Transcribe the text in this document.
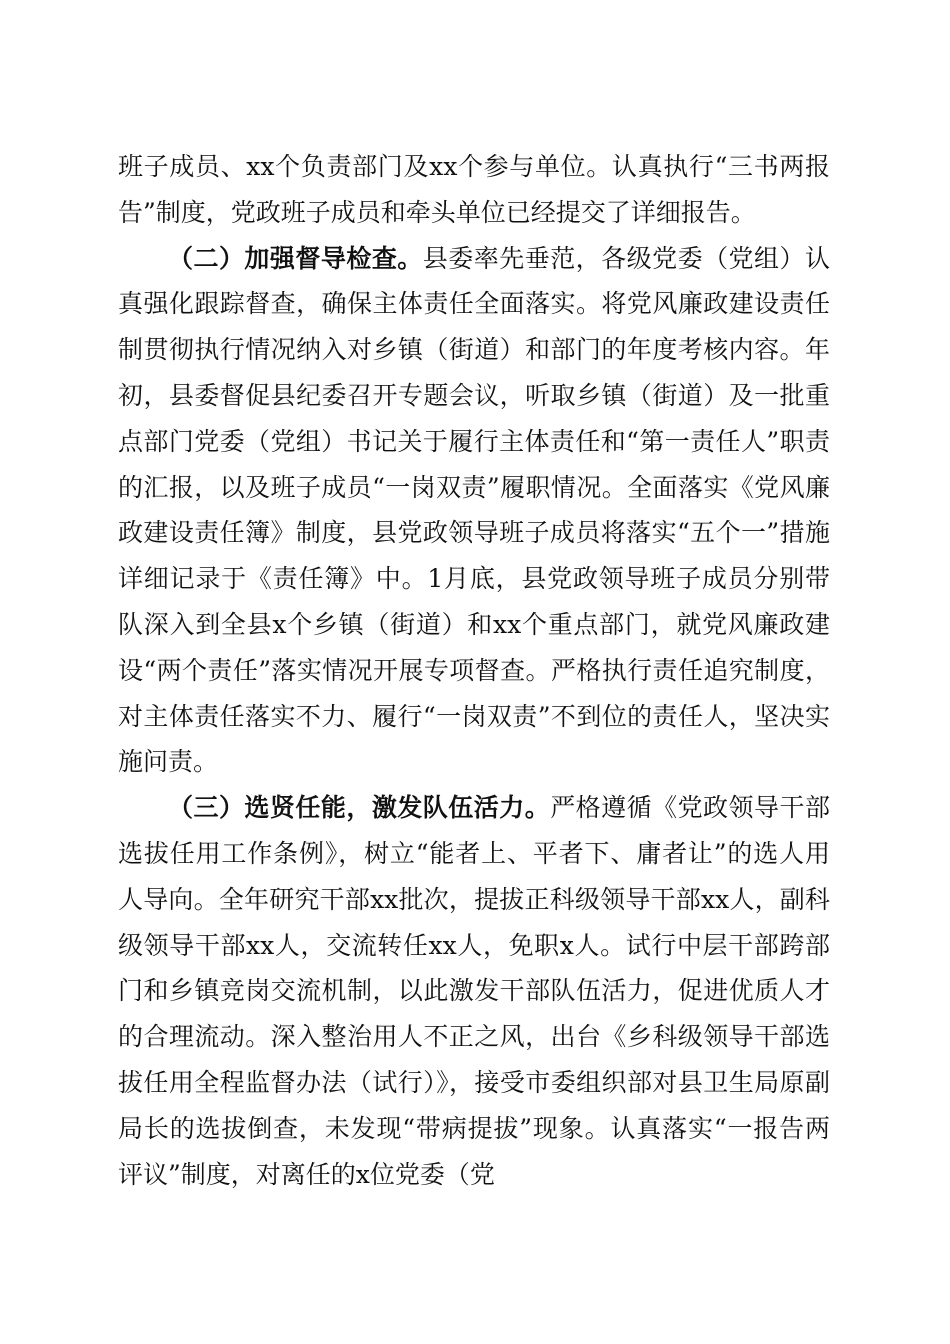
班子成员、xx个负责部门及xx个参与单位。认真执行“三书两报告”制度，党政班子成员和牵头单位已经提交了详细报告。

（二）加强督导检查。县委率先垂范，各级党委（党组）认真强化跟踪督查，确保主体责任全面落实。将党风廉政建设责任制贯彻执行情况纳入对乡镇（街道）和部门的年度考核内容。年初，县委督促县纪委召开专题会议，听取乡镇（街道）及一批重点部门党委（党组）书记关于履行主体责任和“第一责任人”职责的汇报，以及班子成员“一岗双责”履职情况。全面落实《党风廉政建设责任簿》制度，县党政领导班子成员将落实“五个一”措施详细记录于《责任簿》中。1月底，县党政领导班子成员分别带队深入到全县x个乡镇（街道）和xx个重点部门，就党风廉政建设“两个责任”落实情况开展专项督查。严格执行责任追究制度，对主体责任落实不力、履行“一岗双责”不到位的责任人，坚决实施问责。

（三）选贤任能，激发队伍活力。严格遵循《党政领导干部选拔任用工作条例》，树立“能者上、平者下、庸者让”的选人用人导向。全年研究干部xx批次，提拔正科级领导干部xx人，副科级领导干部xx人，交流转任xx人，免职x人。试行中层干部跨部门和乡镇竞岗交流机制，以此激发干部队伍活力，促进优质人才的合理流动。深入整治用人不正之风，出台《乡科级领导干部选拔任用全程监督办法（试行）》，接受市委组织部对县卫生局原副局长的选拔倒查，未发现“带病提拔”现象。认真落实“一报告两评议”制度，对离任的x位党委（党
